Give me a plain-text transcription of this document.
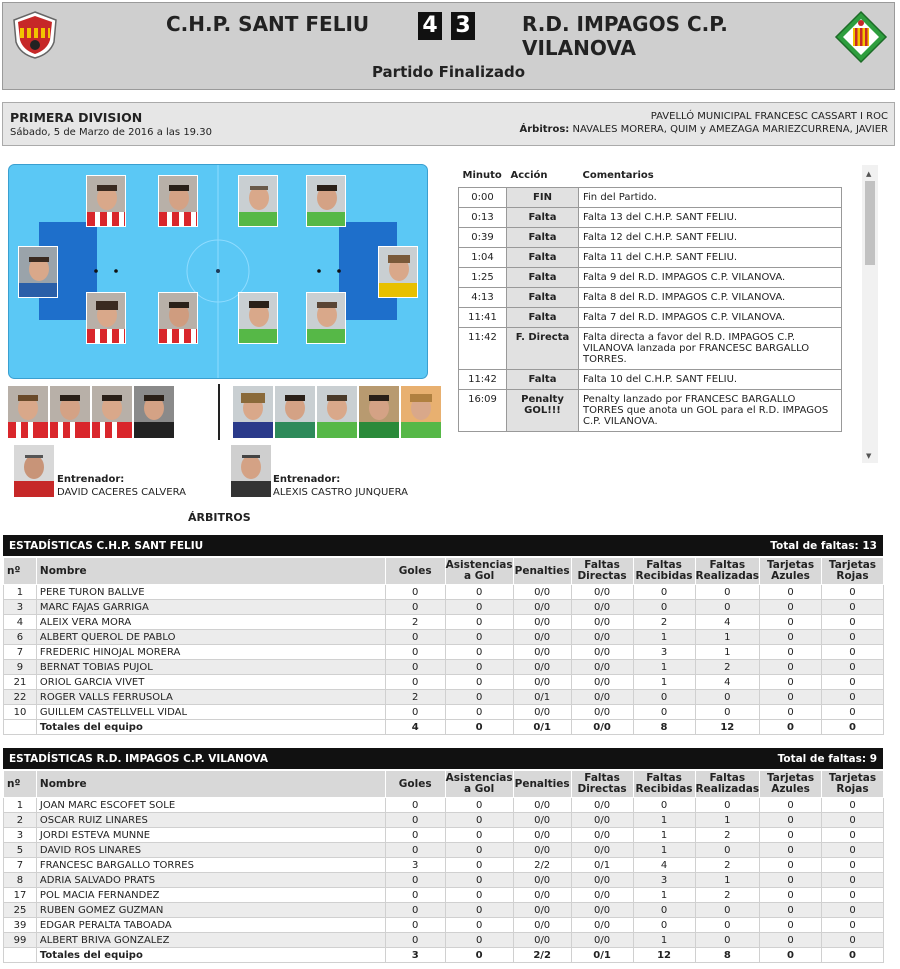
C.H.P. SANT FELIU 4 3	R.D. IMPAGOS C.P. VILANOVA
Partido Finalizado
PRIMERA DIVISION
Sábado, 5 de Marzo de 2016 a las 19.30
PAVELLÓ MUNICIPAL FRANCESC CASSART I ROC
Árbitros: NAVALES MORERA, QUIM y AMEZAGA MARIEZCURRENA, JAVIER
Entrenador:
DAVID CACERES CALVERA
Entrenador:
ALEXIS CASTRO JUNQUERA
ÁRBITROS
Minuto	Acción	Comentarios
0:00	FIN	Fin del Partido.
0:13	Falta	Falta 13 del C.H.P. SANT FELIU.
0:39	Falta	Falta 12 del C.H.P. SANT FELIU.
1:04	Falta	Falta 11 del C.H.P. SANT FELIU.
1:25	Falta	Falta 9 del R.D. IMPAGOS C.P. VILANOVA.
4:13	Falta	Falta 8 del R.D. IMPAGOS C.P. VILANOVA.
11:41	Falta	Falta 7 del R.D. IMPAGOS C.P. VILANOVA.
11:42	F. Directa	Falta directa a favor del R.D. IMPAGOS C.P. VILANOVA lanzada por FRANCESC BARGALLO TORRES.
11:42	Falta	Falta 10 del C.H.P. SANT FELIU.
16:09	Penalty GOL!!!	Penalty lanzado por FRANCESC BARGALLO TORRES que anota un GOL para el R.D. IMPAGOS C.P. VILANOVA.
▲
▼
ESTADÍSTICAS C.H.P. SANT FELIU	Total de faltas: 13
nº	Nombre	Goles	Asistencias a Gol	Penalties	Faltas Directas	Faltas Recibidas	Faltas Realizadas	Tarjetas Azules	Tarjetas Rojas
1	PERE TURON BALLVE	0	0	0/0	0/0	0	0	0	0
3	MARC FAJAS GARRIGA	0	0	0/0	0/0	0	0	0	0
4	ALEIX VERA MORA	2	0	0/0	0/0	2	4	0	0
6	ALBERT QUEROL DE PABLO	0	0	0/0	0/0	1	1	0	0
7	FREDERIC HINOJAL MORERA	0	0	0/0	0/0	3	1	0	0
9	BERNAT TOBIAS PUJOL	0	0	0/0	0/0	1	2	0	0
21	ORIOL GARCIA VIVET	0	0	0/0	0/0	1	4	0	0
22	ROGER VALLS FERRUSOLA	2	0	0/1	0/0	0	0	0	0
10	GUILLEM CASTELLVELL VIDAL	0	0	0/0	0/0	0	0	0	0
	Totales del equipo	4	0	0/1	0/0	8	12	0	0
ESTADÍSTICAS R.D. IMPAGOS C.P. VILANOVA	Total de faltas: 9
nº	Nombre	Goles	Asistencias a Gol	Penalties	Faltas Directas	Faltas Recibidas	Faltas Realizadas	Tarjetas Azules	Tarjetas Rojas
1	JOAN MARC ESCOFET SOLE	0	0	0/0	0/0	0	0	0	0
2	OSCAR RUIZ LINARES	0	0	0/0	0/0	1	1	0	0
3	JORDI ESTEVA MUNNE	0	0	0/0	0/0	1	2	0	0
5	DAVID ROS LINARES	0	0	0/0	0/0	1	0	0	0
7	FRANCESC BARGALLO TORRES	3	0	2/2	0/1	4	2	0	0
8	ADRIA SALVADO PRATS	0	0	0/0	0/0	3	1	0	0
17	POL MACIA FERNANDEZ	0	0	0/0	0/0	1	2	0	0
25	RUBEN GOMEZ GUZMAN	0	0	0/0	0/0	0	0	0	0
39	EDGAR PERALTA TABOADA	0	0	0/0	0/0	0	0	0	0
99	ALBERT BRIVA GONZALEZ	0	0	0/0	0/0	1	0	0	0
	Totales del equipo	3	0	2/2	0/1	12	8	0	0
